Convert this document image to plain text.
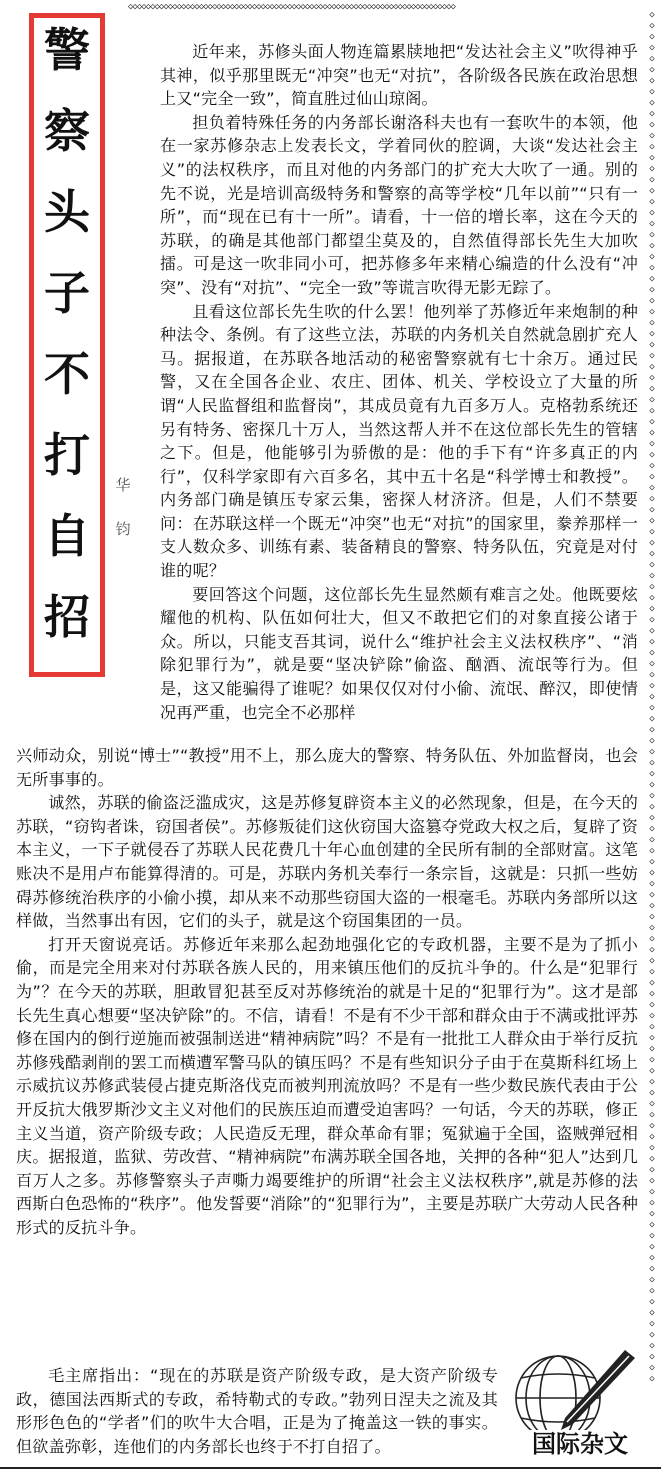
◇◇◇◇◇◇◇◇◇◇◇◇◇◇◇◇◇◇◇◇◇◇◇◇◇◇◇◇◇◇◇◇◇◇◇◇◇◇◇◇◇◇◇◇◇◇◇◇◇◇◇◇◇◇◇◇◇◇◇◇◇◇◇◇◇◇◇◇◇◇◇◇◇◇
◇
◇
◇
◇
◇
◇
◇
◇
◇
◇
◇
◇
◇
◇
◇
◇
◇
◇
◇
◇
◇
◇
◇
◇
◇
◇
◇
◇
◇
◇
◇
◇
◇
◇
◇
◇
◇
◇
◇
◇
◇
◇
◇
◇
◇
◇
◇
◇
◇
◇
◇
◇
◇
◇
◇
◇
◇
◇
◇
◇
◇
◇
◇
◇
◇
◇
◇
◇
◇
◇
◇
◇
◇
◇
◇
◇
◇
◇
◇
◇
◇
◇
◇
◇
◇
◇
◇
◇
◇
◇
◇
◇
◇
◇
◇
◇
◇
◇
◇
◇
◇
◇
◇
◇
◇
◇
◇
◇
◇
◇
◇
◇
◇
◇
◇
◇
◇
◇
◇
◇
◇
◇
◇
◇
◇
警
察
头
子
不
打
自
招
华
钧

近年来，苏修头面人物连篇累牍地把“发达社会主义”吹得神乎其神，似乎那里既无“冲突”也无“对抗”，各阶级各民族在政治思想上又“完全一致”，简直胜过仙山琼阁。

担负着特殊任务的内务部长谢洛科夫也有一套吹牛的本领，他在一家苏修杂志上发表长文，学着同伙的腔调，大谈“发达社会主义”的法权秩序，而且对他的内务部门的扩充大大吹了一通。别的先不说，光是培训高级特务和警察的高等学校“几年以前”“只有一所”，而“现在已有十一所”。请看，十一倍的增长率，这在今天的苏联，的确是其他部门都望尘莫及的，自然值得部长先生大加吹擂。可是这一吹非同小可，把苏修多年来精心编造的什么没有“冲突”、没有“对抗”、“完全一致”等谎言吹得无影无踪了。

且看这位部长先生吹的什么罢！他列举了苏修近年来炮制的种种法令、条例。有了这些立法，苏联的内务机关自然就急剧扩充人马。据报道，在苏联各地活动的秘密警察就有七十余万。通过民警，又在全国各企业、农庄、团体、机关、学校设立了大量的所谓“人民监督组和监督岗”，其成员竟有九百多万人。克格勃系统还另有特务、密探几十万人，当然这帮人并不在这位部长先生的管辖之下。但是，他能够引为骄傲的是：他的手下有“许多真正的内行”，仅科学家即有六百多名，其中五十名是“科学博士和教授”。内务部门确是镇压专家云集，密探人材济济。但是，人们不禁要问：在苏联这样一个既无“冲突”也无“对抗”的国家里，豢养那样一支人数众多、训练有素、装备精良的警察、特务队伍，究竟是对付谁的呢？

要回答这个问题，这位部长先生显然颇有难言之处。他既要炫耀他的机构、队伍如何壮大，但又不敢把它们的对象直接公诸于众。所以，只能支吾其词，说什么“维护社会主义法权秩序”、“消除犯罪行为”，就是要“坚决铲除”偷盗、酗酒、流氓等行为。但是，这又能骗得了谁呢？如果仅仅对付小偷、流氓、醉汉，即使情况再严重，也完全不必那样

兴师动众，别说“博士”“教授”用不上，那么庞大的警察、特务队伍、外加监督岗，也会无所事事的。

诚然，苏联的偷盗泛滥成灾，这是苏修复辟资本主义的必然现象，但是，在今天的苏联，“窃钩者诛，窃国者侯”。苏修叛徒们这伙窃国大盗篡夺党政大权之后，复辟了资本主义，一下子就侵吞了苏联人民花费几十年心血创建的全民所有制的全部财富。这笔账决不是用卢布能算得清的。可是，苏联内务机关奉行一条宗旨，这就是：只抓一些妨碍苏修统治秩序的小偷小摸，却从来不动那些窃国大盗的一根毫毛。苏联内务部所以这样做，当然事出有因，它们的头子，就是这个窃国集团的一员。

打开天窗说亮话。苏修近年来那么起劲地强化它的专政机器，主要不是为了抓小偷，而是完全用来对付苏联各族人民的，用来镇压他们的反抗斗争的。什么是“犯罪行为”？在今天的苏联，胆敢冒犯甚至反对苏修统治的就是十足的“犯罪行为”。这才是部长先生真心想要“坚决铲除”的。不信，请看！不是有不少干部和群众由于不满或批评苏修在国内的倒行逆施而被强制送进“精神病院”吗？不是有一批批工人群众由于举行反抗苏修残酷剥削的罢工而横遭军警马队的镇压吗？不是有些知识分子由于在莫斯科红场上示威抗议苏修武装侵占捷克斯洛伐克而被判刑流放吗？不是有一些少数民族代表由于公开反抗大俄罗斯沙文主义对他们的民族压迫而遭受迫害吗？一句话，今天的苏联，修正主义当道，资产阶级专政；人民造反无理，群众革命有罪；冤狱遍于全国，盗贼弹冠相庆。据报道，监狱、劳改营、“精神病院”布满苏联全国各地，关押的各种“犯人”达到几百万人之多。苏修警察头子声嘶力竭要维护的所谓“社会主义法权秩序”,就是苏修的法西斯白色恐怖的“秩序”。他发誓要“消除”的“犯罪行为”，主要是苏联广大劳动人民各种形式的反抗斗争。

毛主席指出：“现在的苏联是资产阶级专政，是大资产阶级专政，德国法西斯式的专政，希特勒式的专政。”勃列日涅夫之流及其形形色色的“学者”们的吹牛大合唱，正是为了掩盖这一铁的事实。但欲盖弥彰，连他们的内务部长也终于不打自招了。	国际杂文
